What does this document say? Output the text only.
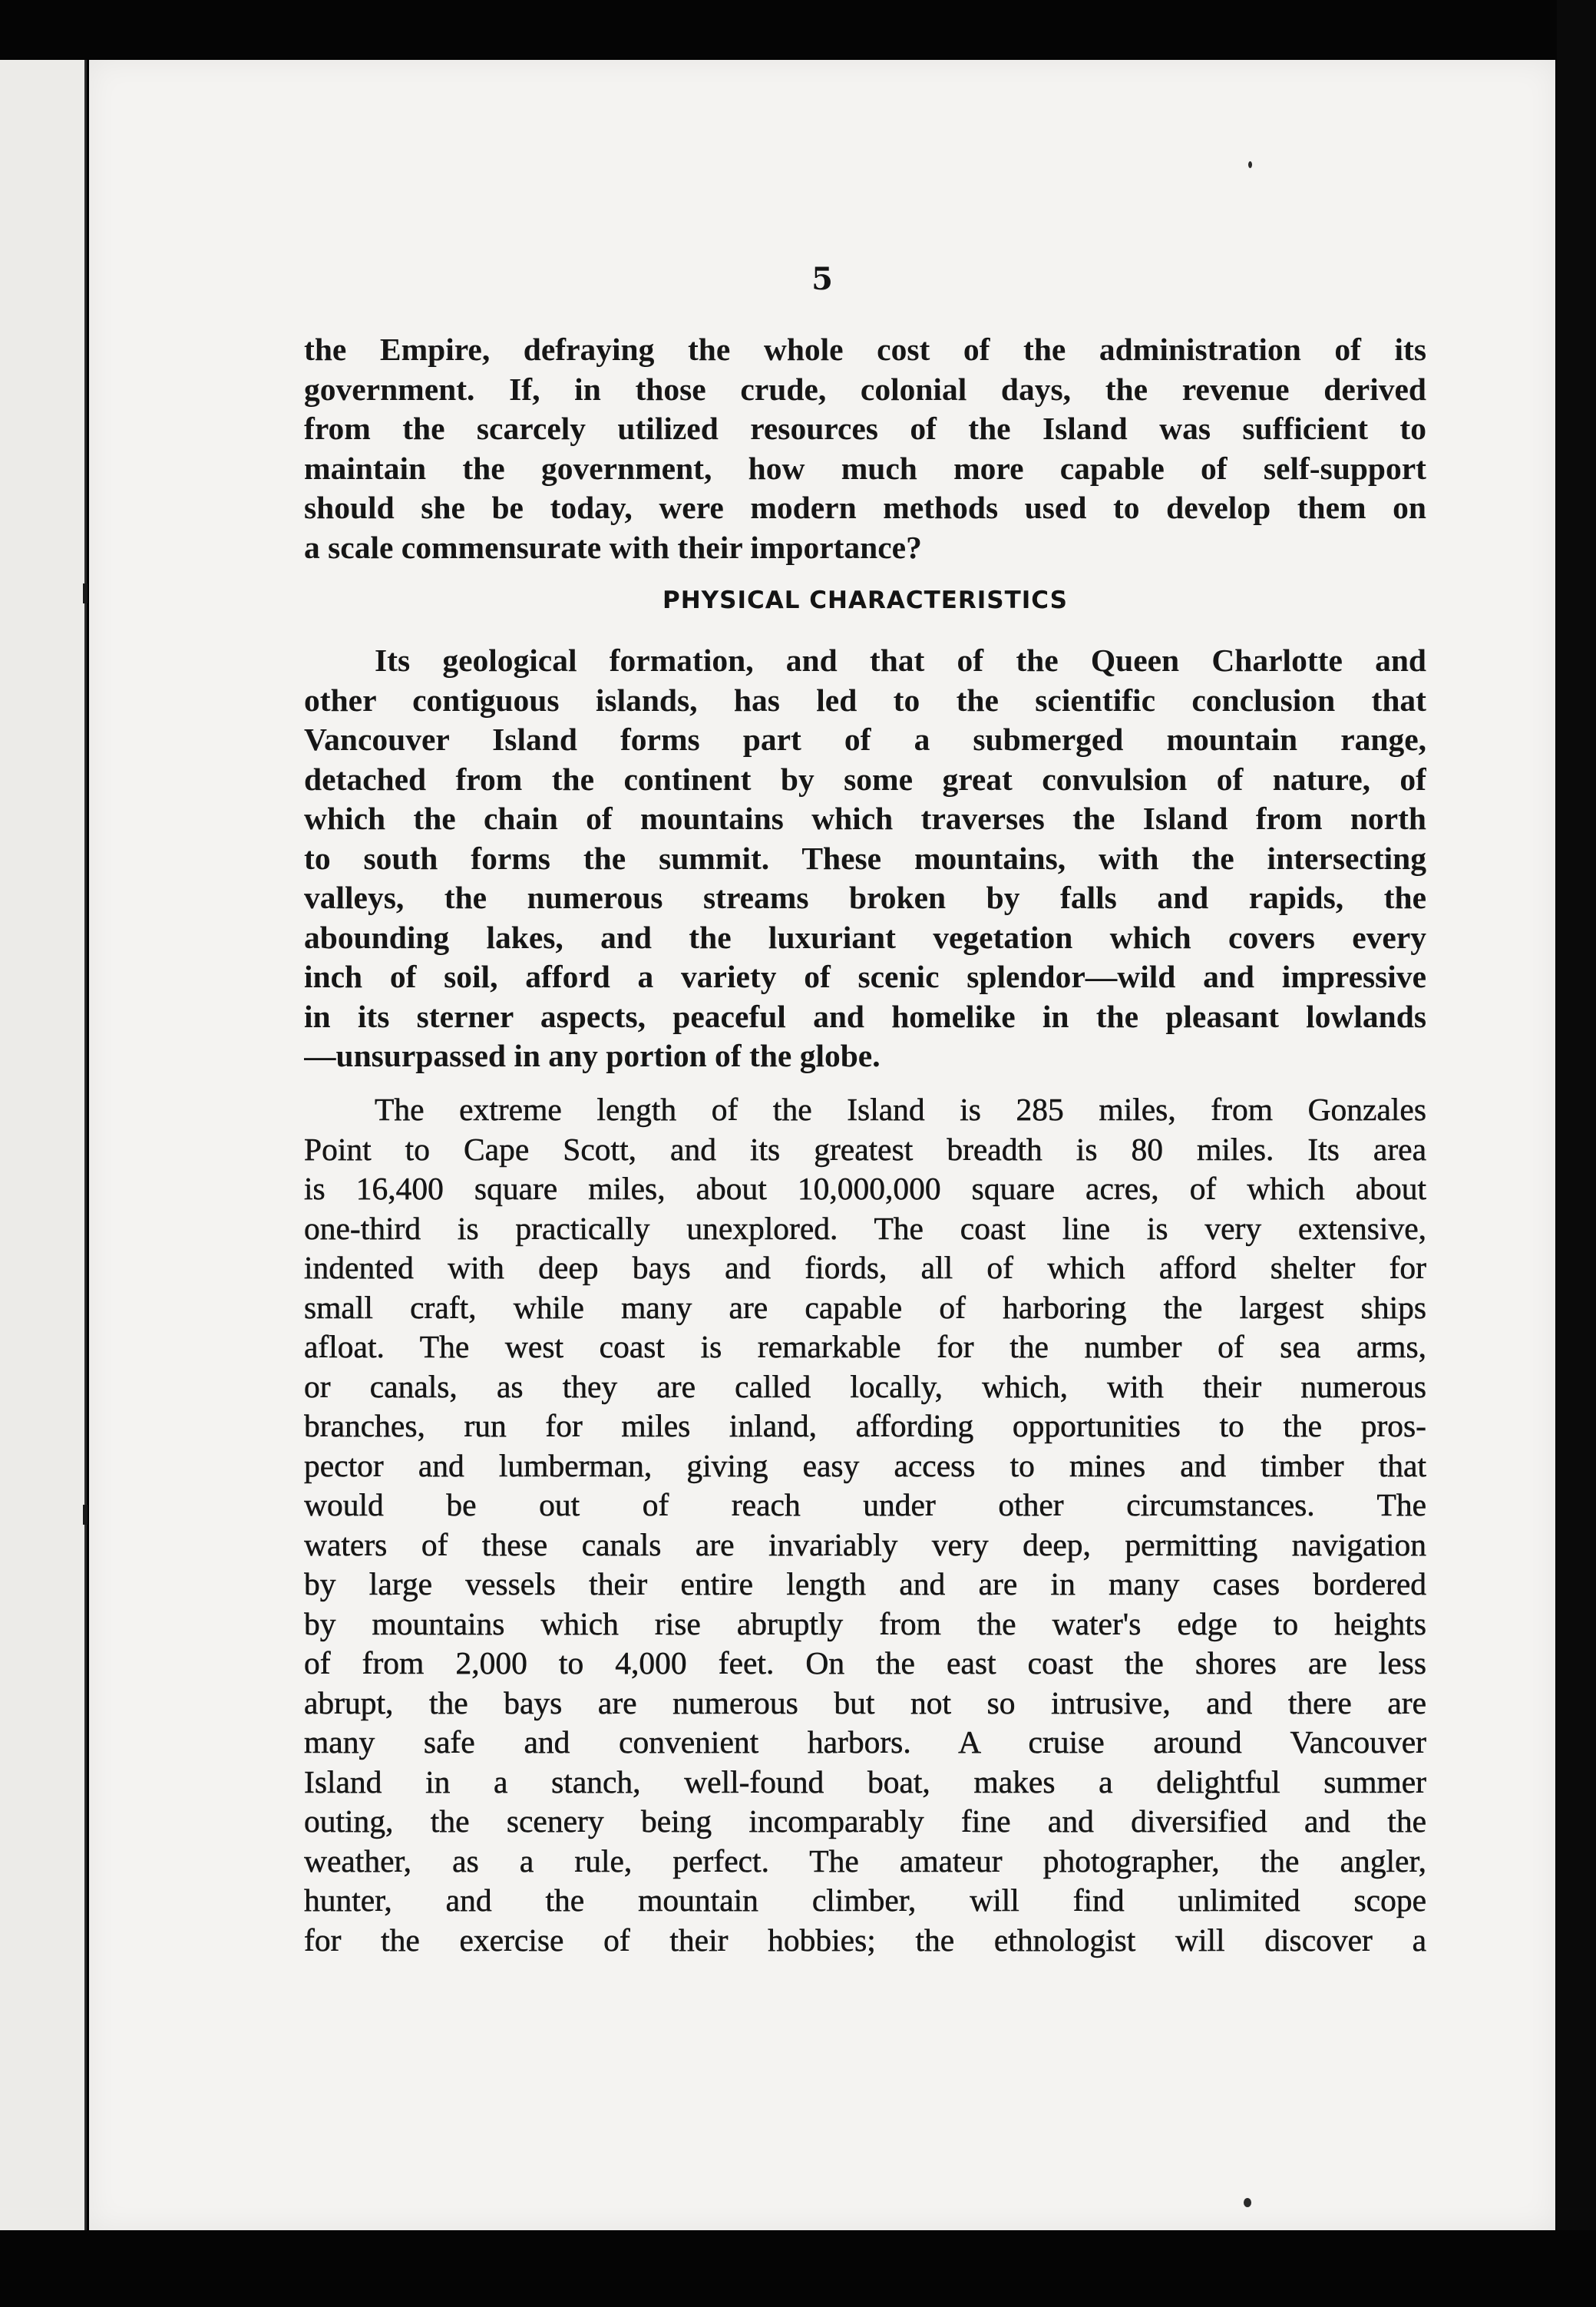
5

the Empire, defraying the whole cost of the administration of its
government. If, in those crude, colonial days, the revenue derived
from the scarcely utilized resources of the Island was sufficient to
maintain the government, how much more capable of self-support
should she be today, were modern methods used to develop them on
a scale commensurate with their importance?
PHYSICAL CHARACTERISTICS
Its geological formation, and that of the Queen Charlotte and
other contiguous islands, has led to the scientific conclusion that
Vancouver Island forms part of a submerged mountain range,
detached from the continent by some great convulsion of nature, of
which the chain of mountains which traverses the Island from north
to south forms the summit. These mountains, with the intersecting
valleys, the numerous streams broken by falls and rapids, the
abounding lakes, and the luxuriant vegetation which covers every
inch of soil, afford a variety of scenic splendor—wild and impressive
in its sterner aspects, peaceful and homelike in the pleasant lowlands
—unsurpassed in any portion of the globe.
The extreme length of the Island is 285 miles, from Gonzales
Point to Cape Scott, and its greatest breadth is 80 miles. Its area
is 16,400 square miles, about 10,000,000 square acres, of which about
one-third is practically unexplored. The coast line is very extensive,
indented with deep bays and fiords, all of which afford shelter for
small craft, while many are capable of harboring the largest ships
afloat. The west coast is remarkable for the number of sea arms,
or canals, as they are called locally, which, with their numerous
branches, run for miles inland, affording opportunities to the pros-
pector and lumberman, giving easy access to mines and timber that
would be out of reach under other circumstances. The
waters of these canals are invariably very deep, permitting navigation
by large vessels their entire length and are in many cases bordered
by mountains which rise abruptly from the water's edge to heights
of from 2,000 to 4,000 feet. On the east coast the shores are less
abrupt, the bays are numerous but not so intrusive, and there are
many safe and convenient harbors. A cruise around Vancouver
Island in a stanch, well-found boat, makes a delightful summer
outing, the scenery being incomparably fine and diversified and the
weather, as a rule, perfect. The amateur photographer, the angler,
hunter, and the mountain climber, will find unlimited scope
for the exercise of their hobbies; the ethnologist will discover a
